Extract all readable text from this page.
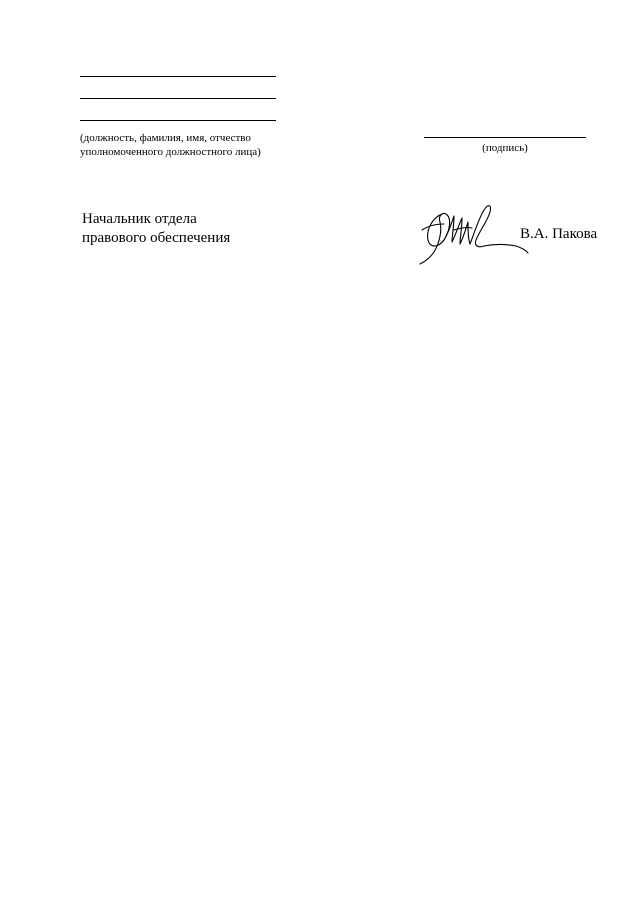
(должность, фамилия, имя, отчество
уполномоченного должностного лица)	(подпись)
Начальник отдела
правового обеспечения	В.А. Пакова
